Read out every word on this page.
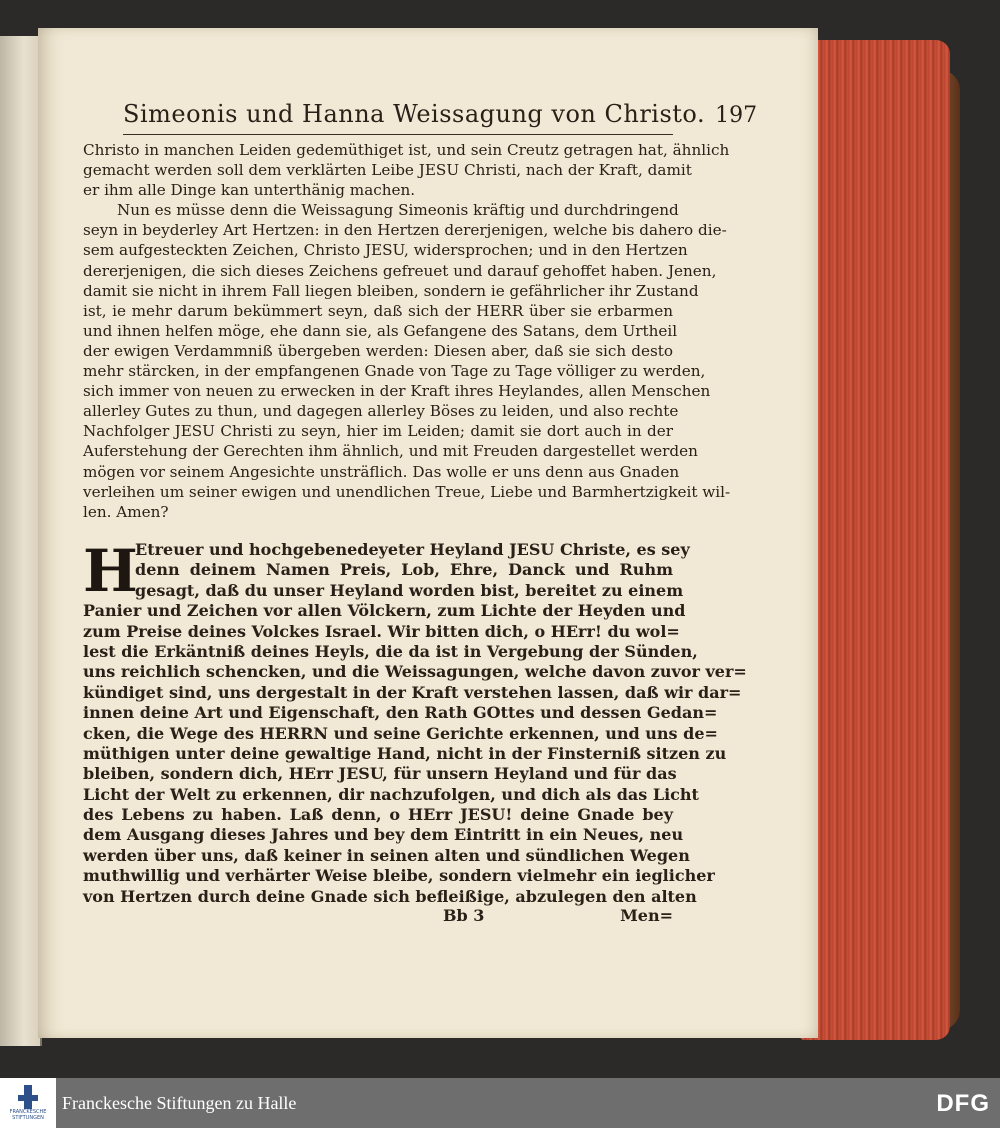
Simeonis und Hanna Weissagung von Christo. 197
Christo in manchen Leiden gedemüthiget ist, und sein Creutz getragen hat, ähnlich
gemacht werden soll dem verklärten Leibe JESU Christi, nach der Kraft, damit
er ihm alle Dinge kan unterthänig machen.
Nun es müsse denn die Weissagung Simeonis kräftig und durchdringend
seyn in beyderley Art Hertzen: in den Hertzen dererjenigen, welche bis dahero die-
sem aufgesteckten Zeichen, Christo JESU, widersprochen; und in den Hertzen
dererjenigen, die sich dieses Zeichens gefreuet und darauf gehoffet haben. Jenen,
damit sie nicht in ihrem Fall liegen bleiben, sondern ie gefährlicher ihr Zustand
ist, ie mehr darum bekümmert seyn, daß sich der HERR über sie erbarmen
und ihnen helfen möge, ehe dann sie, als Gefangene des Satans, dem Urtheil
der ewigen Verdammniß übergeben werden: Diesen aber, daß sie sich desto
mehr stärcken, in der empfangenen Gnade von Tage zu Tage völliger zu werden,
sich immer von neuen zu erwecken in der Kraft ihres Heylandes, allen Menschen
allerley Gutes zu thun, und dagegen allerley Böses zu leiden, und also rechte
Nachfolger JESU Christi zu seyn, hier im Leiden; damit sie dort auch in der
Auferstehung der Gerechten ihm ähnlich, und mit Freuden dargestellet werden
mögen vor seinem Angesichte unsträflich. Das wolle er uns denn aus Gnaden
verleihen um seiner ewigen und unendlichen Treue, Liebe und Barmhertzigkeit wil-
len. Amen?
H
Etreuer und hochgebenedeyeter Heyland JESU Christe, es sey
denn deinem Namen Preis, Lob, Ehre, Danck und Ruhm
gesagt, daß du unser Heyland worden bist, bereitet zu einem
Panier und Zeichen vor allen Völckern, zum Lichte der Heyden und
zum Preise deines Volckes Israel. Wir bitten dich, o HErr! du wol=
lest die Erkäntniß deines Heyls, die da ist in Vergebung der Sünden,
uns reichlich schencken, und die Weissagungen, welche davon zuvor ver=
kündiget sind, uns dergestalt in der Kraft verstehen lassen, daß wir dar=
innen deine Art und Eigenschaft, den Rath GOttes und dessen Gedan=
cken, die Wege des HERRN und seine Gerichte erkennen, und uns de=
müthigen unter deine gewaltige Hand, nicht in der Finsterniß sitzen zu
bleiben, sondern dich, HErr JESU, für unsern Heyland und für das
Licht der Welt zu erkennen, dir nachzufolgen, und dich als das Licht
des Lebens zu haben. Laß denn, o HErr JESU! deine Gnade bey
dem Ausgang dieses Jahres und bey dem Eintritt in ein Neues, neu
werden über uns, daß keiner in seinen alten und sündlichen Wegen
muthwillig und verhärter Weise bleibe, sondern vielmehr ein ieglicher
von Hertzen durch deine Gnade sich befleißige, abzulegen den alten
Bb 3	Men=
FRANCKESCHE
STIFTUNGEN
Franckesche Stiftungen zu Halle	DFG
